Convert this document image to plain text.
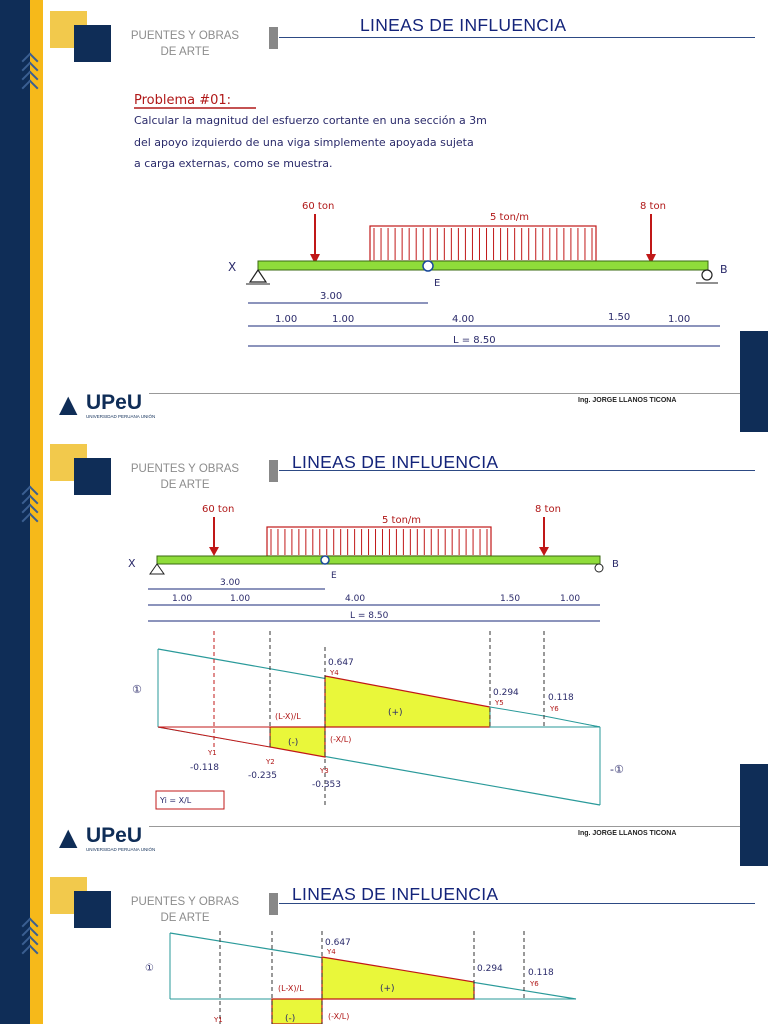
PUENTES Y OBRAS
DE ARTE
LINEAS DE INFLUENCIA
Problema #01:
Calcular la magnitud del esfuerzo cortante en una sección a 3m
del apoyo izquierdo de una viga simplemente apoyada sujeta
a carga externas, como se muestra.
60 ton
5 ton/m
8 ton
X	B
E
3.00
1.00	1.00	4.00	1.50	1.00
L = 8.50
▲ UPeU
UNIVERSIDAD PERUANA UNIÓN
Ing. JORGE LLANOS TICONA
PUENTES Y OBRAS
DE ARTE
LINEAS DE INFLUENCIA
60 ton
5 ton/m
8 ton
X	B
E
3.00
1.00	1.00	4.00	1.50	1.00
L = 8.50
①
-①
0.647
Y4
0.294
Y5	0.118
Y6
(+)
(-)
(L-X)/L
(-X/L)
Y1
Y2
Y3
-0.118
-0.235
-0.353
Yi = X/L
▲ UPeU
UNIVERSIDAD PERUANA UNIÓN
Ing. JORGE LLANOS TICONA
PUENTES Y OBRAS
DE ARTE
LINEAS DE INFLUENCIA
①
0.647
Y4
0.294	0.118
Y6
(+)
(L-X)/L
(-X/L)
(-)
Y1
